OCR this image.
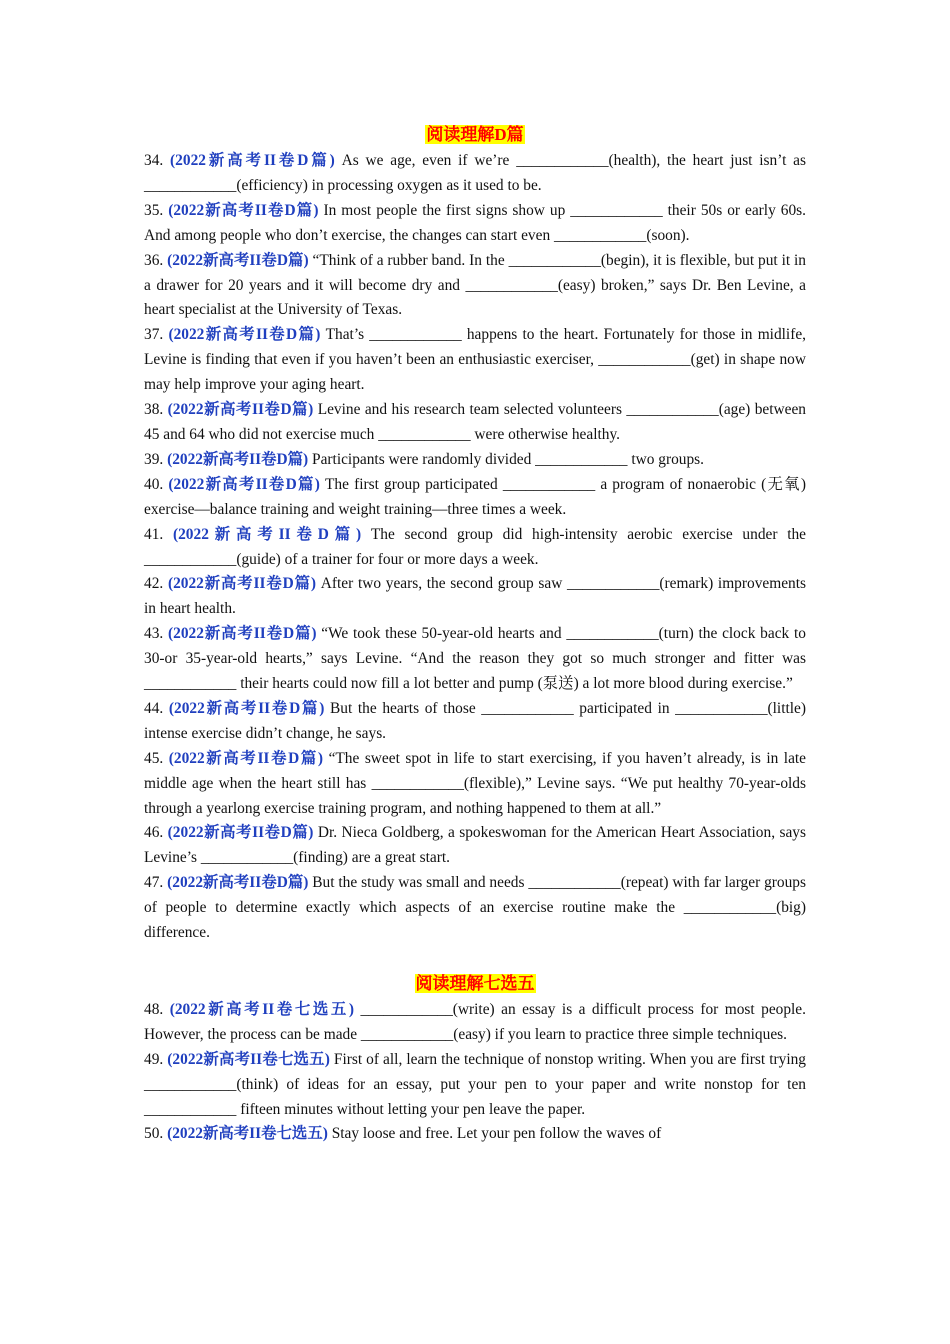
阅读理解D篇

34. (2022新高考II卷D篇) As we age, even if we’re ____________(health), the heart just isn’t as ____________(efficiency) in processing oxygen as it used to be.

35. (2022新高考II卷D篇) In most people the first signs show up ____________ their 50s or early 60s. And among people who don’t exercise, the changes can start even ____________(soon).

36. (2022新高考II卷D篇) “Think of a rubber band. In the ____________(begin), it is flexible, but put it in a drawer for 20 years and it will become dry and ____________(easy) broken,” says Dr. Ben Levine, a heart specialist at the University of Texas.

37. (2022新高考II卷D篇) That’s ____________ happens to the heart. Fortunately for those in midlife, Levine is finding that even if you haven’t been an enthusiastic exerciser, ____________(get) in shape now may help improve your aging heart.

38. (2022新高考II卷D篇) Levine and his research team selected volunteers ____________(age) between 45 and 64 who did not exercise much ____________ were otherwise healthy.

39. (2022新高考II卷D篇) Participants were randomly divided ____________ two groups.

40. (2022新高考II卷D篇) The first group participated ____________ a program of nonaerobic (无氧) exercise—balance training and weight training—three times a week.

41. (2022新高考II卷D篇) The second group did high-intensity aerobic exercise under the ____________(guide) of a trainer for four or more days a week.

42. (2022新高考II卷D篇) After two years, the second group saw ____________(remark) improvements in heart health.

43. (2022新高考II卷D篇) “We took these 50-year-old hearts and ____________(turn) the clock back to 30-or 35-year-old hearts,” says Levine. “And the reason they got so much stronger and fitter was ____________ their hearts could now fill a lot better and pump (泵送) a lot more blood during exercise.”

44. (2022新高考II卷D篇) But the hearts of those ____________ participated in ____________(little) intense exercise didn’t change, he says.

45. (2022新高考II卷D篇) “The sweet spot in life to start exercising, if you haven’t already, is in late middle age when the heart still has ____________(flexible),” Levine says. “We put healthy 70-year-olds through a yearlong exercise training program, and nothing happened to them at all.”

46. (2022新高考II卷D篇) Dr. Nieca Goldberg, a spokeswoman for the American Heart Association, says Levine’s ____________(finding) are a great start.

47. (2022新高考II卷D篇) But the study was small and needs ____________(repeat) with far larger groups of people to determine exactly which aspects of an exercise routine make the ____________(big) difference.

阅读理解七选五

48. (2022新高考II卷七选五) ____________(write) an essay is a difficult process for most people. However, the process can be made ____________(easy) if you learn to practice three simple techniques.

49. (2022新高考II卷七选五) First of all, learn the technique of nonstop writing. When you are first trying ____________(think) of ideas for an essay, put your pen to your paper and write nonstop for ten ____________ fifteen minutes without letting your pen leave the paper.

50. (2022新高考II卷七选五) Stay loose and free. Let your pen follow the waves of
